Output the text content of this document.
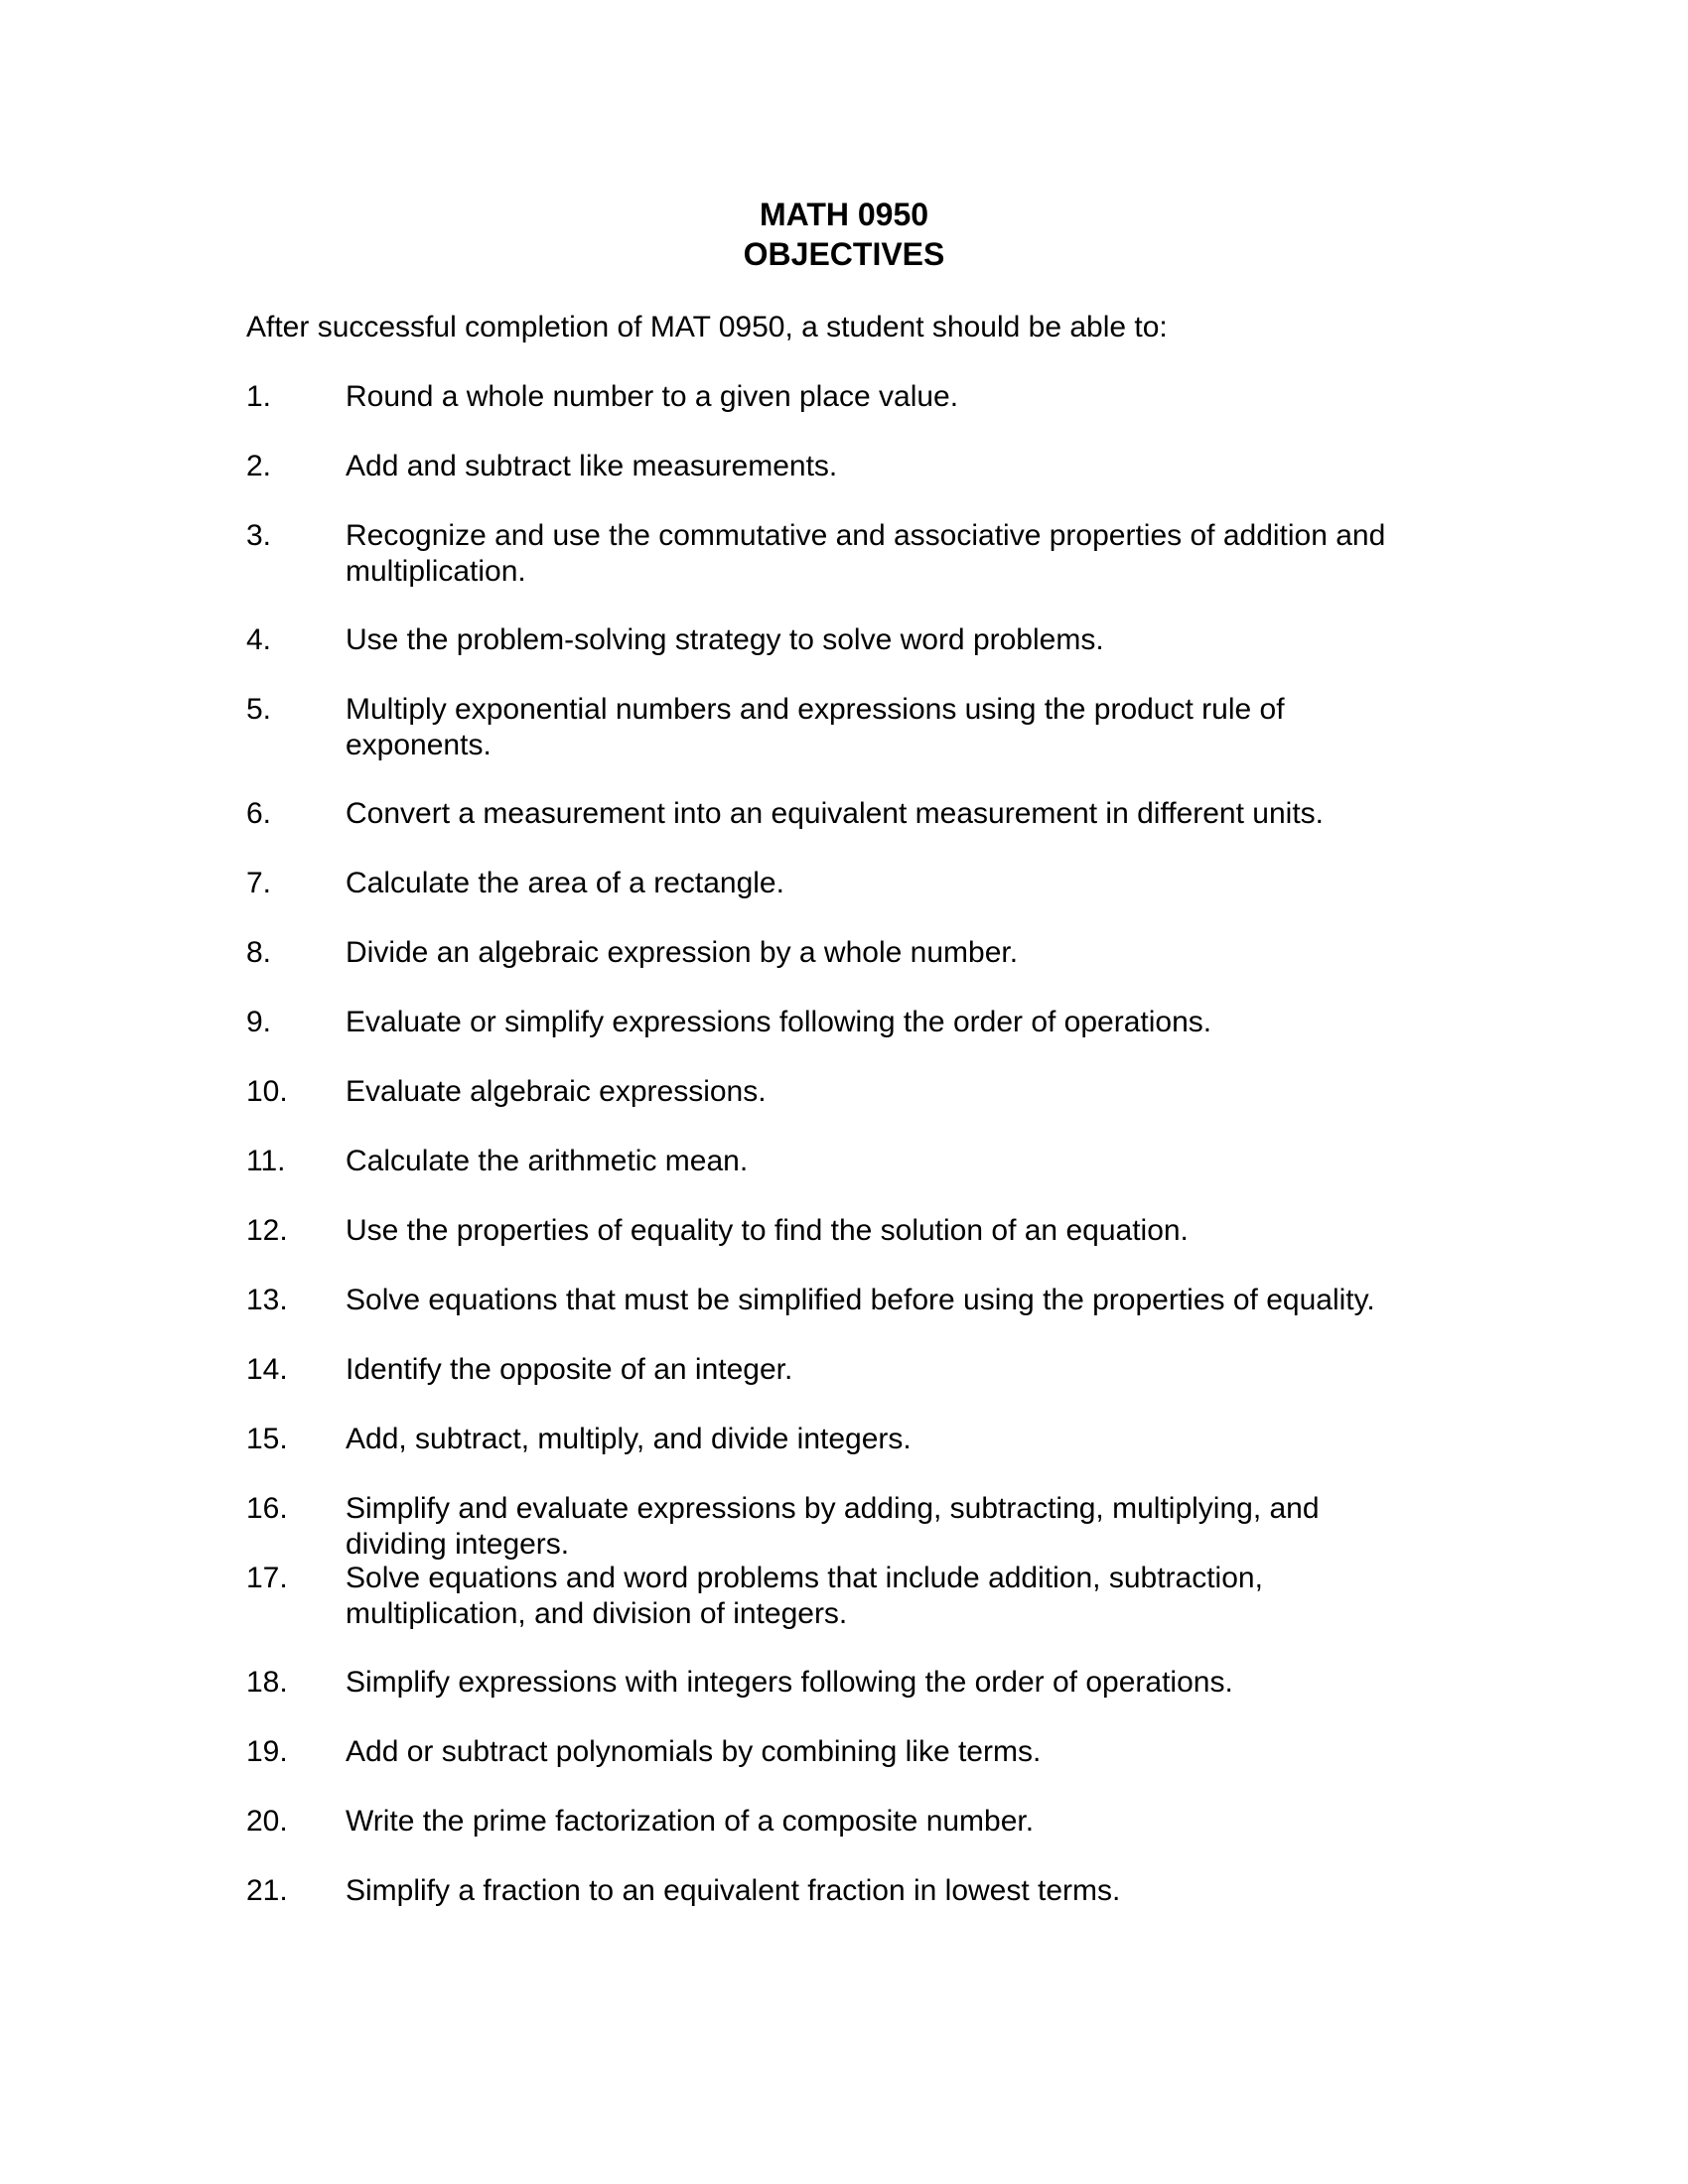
MATH 0950
OBJECTIVES
After successful completion of MAT 0950, a student should be able to:
1.	Round a whole number to a given place value.
2.	Add and subtract like measurements.
3.	Recognize and use the commutative and associative properties of addition and multiplication.
4.	Use the problem-solving strategy to solve word problems.
5.	Multiply exponential numbers and expressions using the product rule of exponents.
6.	Convert a measurement into an equivalent measurement in different units.
7.	Calculate the area of a rectangle.
8.	Divide an algebraic expression by a whole number.
9.	Evaluate or simplify expressions following the order of operations.
10.	Evaluate algebraic expressions.
11.	Calculate the arithmetic mean.
12.	Use the properties of equality to find the solution of an equation.
13.	Solve equations that must be simplified before using the properties of equality.
14.	Identify the opposite of an integer.
15.	Add, subtract, multiply, and divide integers.
16.	Simplify and evaluate expressions by adding, subtracting, multiplying, and dividing integers.
17.	Solve equations and word problems that include addition, subtraction, multiplication, and division of integers.
18.	Simplify expressions with integers following the order of operations.
19.	Add or subtract polynomials by combining like terms.
20.	Write the prime factorization of a composite number.
21.	Simplify a fraction to an equivalent fraction in lowest terms.
